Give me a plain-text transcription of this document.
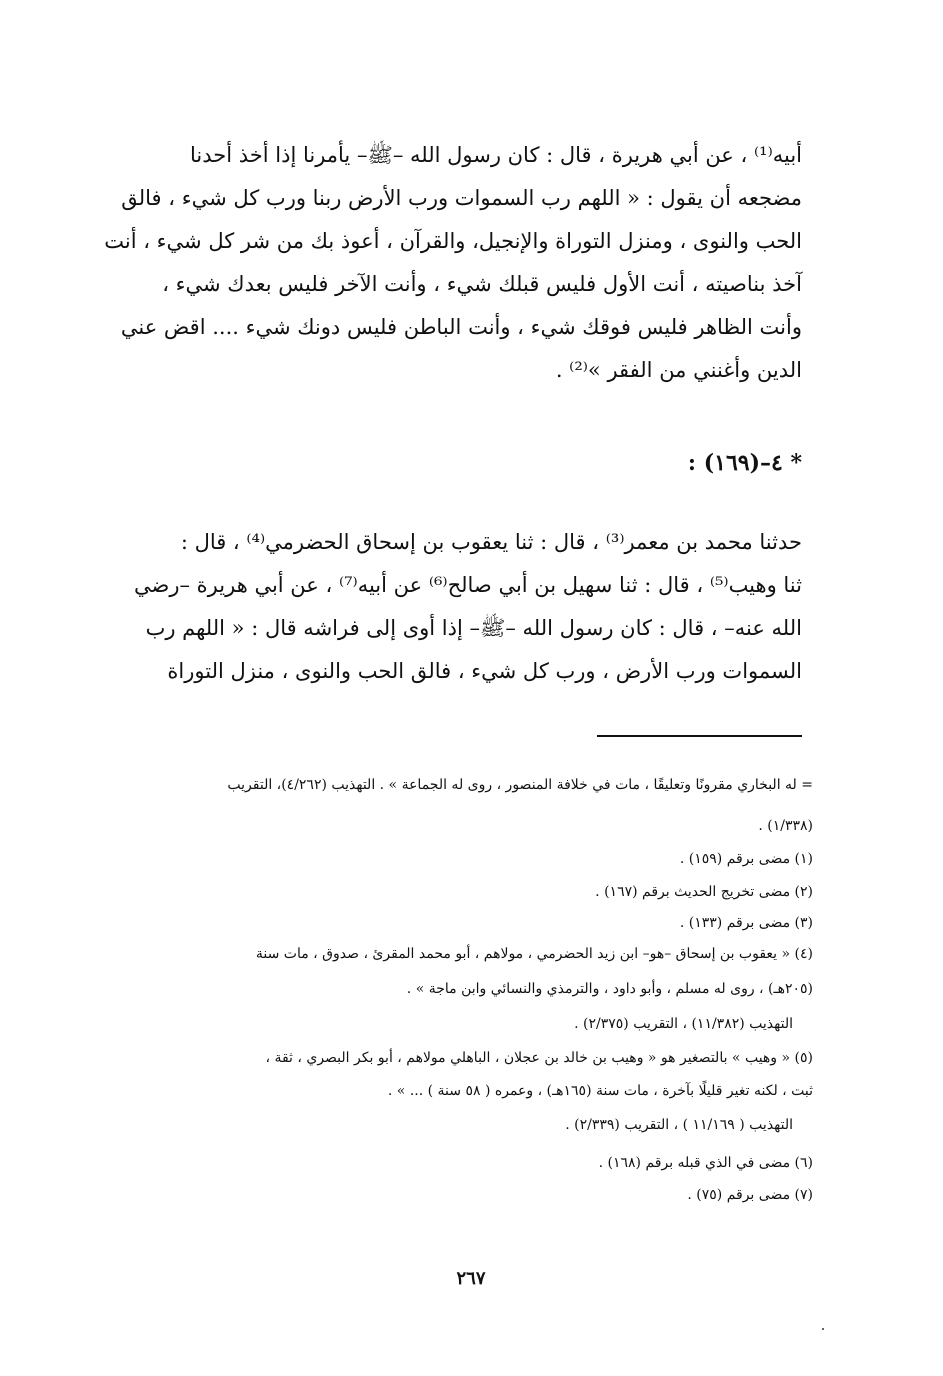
أبيه⁽¹⁾ ، عن أبي هريرة ، قال : كان رسول الله –ﷺ– يأمرنا إذا أخذ أحدنا
مضجعه أن يقول : « اللهم رب السموات ورب الأرض ربنا ورب كل شيء ، فالق
الحب والنوى ، ومنزل التوراة والإنجيل، والقرآن ، أعوذ بك من شر كل شيء ، أنت
آخذ بناصيته ، أنت الأول فليس قبلك شيء ، وأنت الآخر فليس بعدك شيء ،
وأنت الظاهر فليس فوقك شيء ، وأنت الباطن فليس دونك شيء .... اقض عني
الدين وأغنني من الفقر »⁽²⁾ .
* ٤–(١٦٩) :
حدثنا محمد بن معمر⁽³⁾ ، قال : ثنا يعقوب بن إسحاق الحضرمي⁽⁴⁾ ، قال :
ثنا وهيب⁽⁵⁾ ، قال : ثنا سهيل بن أبي صالح⁽⁶⁾ عن أبيه⁽⁷⁾ ، عن أبي هريرة –رضي
الله عنه– ، قال : كان رسول الله –ﷺ– إذا أوى إلى فراشه قال : « اللهم رب
السموات ورب الأرض ، ورب كل شيء ، فالق الحب والنوى ، منزل التوراة
= له البخاري مقرونًا وتعليقًا ، مات في خلافة المنصور ، روى له الجماعة » . التهذيب (٤/٢٦٢)، التقريب
(١/٣٣٨) .
(١) مضى برقم (١٥٩) .
(٢) مضى تخريج الحديث برقم (١٦٧) .
(٣) مضى برقم (١٣٣) .
(٤) « يعقوب بن إسحاق –هو– ابن زيد الحضرمي ، مولاهم ، أبو محمد المقرئ ، صدوق ، مات سنة
(٢٠٥هـ) ، روى له مسلم ، وأبو داود ، والترمذي والنسائي وابن ماجة » .
التهذيب (١١/٣٨٢) ، التقريب (٢/٣٧٥) .
(٥) « وهيب » بالتصغير هو « وهيب بن خالد بن عجلان ، الباهلي مولاهم ، أبو بكر البصري ، ثقة ،
ثبت ، لكنه تغير قليلًا بآخرة ، مات سنة (١٦٥هـ) ، وعمره ( ٥٨ سنة ) ... » .
التهذيب ( ١١/١٦٩ ) ، التقريب (٢/٣٣٩) .
(٦) مضى في الذي قبله برقم (١٦٨) .
(٧) مضى برقم (٧٥) .
٢٦٧
